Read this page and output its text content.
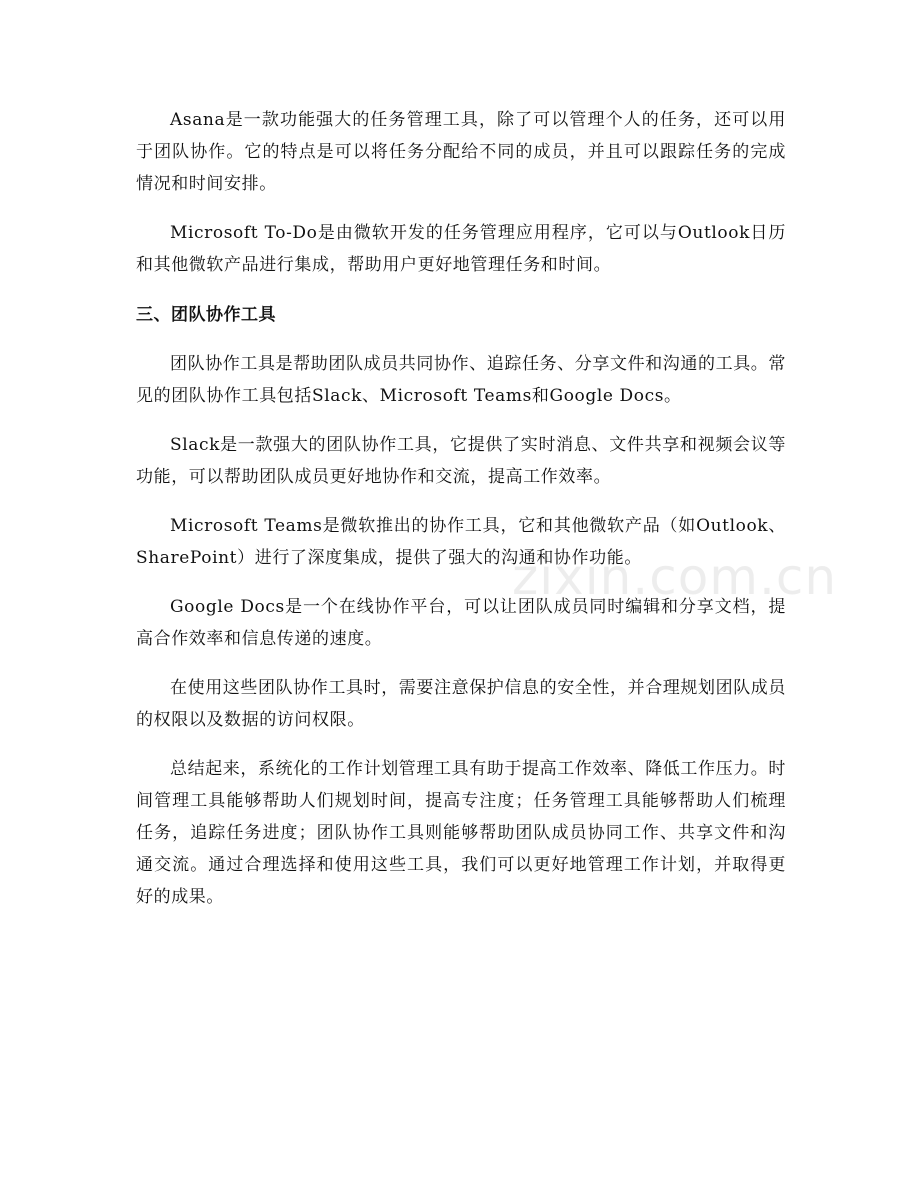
Asana是一款功能强大的任务管理工具，除了可以管理个人的任务，还可以用于团队协作。它的特点是可以将任务分配给不同的成员，并且可以跟踪任务的完成情况和时间安排。

Microsoft To-Do是由微软开发的任务管理应用程序，它可以与Outlook日历和其他微软产品进行集成，帮助用户更好地管理任务和时间。

三、团队协作工具

团队协作工具是帮助团队成员共同协作、追踪任务、分享文件和沟通的工具。常见的团队协作工具包括Slack、Microsoft Teams和Google Docs。

Slack是一款强大的团队协作工具，它提供了实时消息、文件共享和视频会议等功能，可以帮助团队成员更好地协作和交流，提高工作效率。

Microsoft Teams是微软推出的协作工具，它和其他微软产品（如Outlook、SharePoint）进行了深度集成，提供了强大的沟通和协作功能。

Google Docs是一个在线协作平台，可以让团队成员同时编辑和分享文档，提高合作效率和信息传递的速度。

在使用这些团队协作工具时，需要注意保护信息的安全性，并合理规划团队成员的权限以及数据的访问权限。

总结起来，系统化的工作计划管理工具有助于提高工作效率、降低工作压力。时间管理工具能够帮助人们规划时间，提高专注度；任务管理工具能够帮助人们梳理任务，追踪任务进度；团队协作工具则能够帮助团队成员协同工作、共享文件和沟通交流。通过合理选择和使用这些工具，我们可以更好地管理工作计划，并取得更好的成果。

zixin.com.cn
